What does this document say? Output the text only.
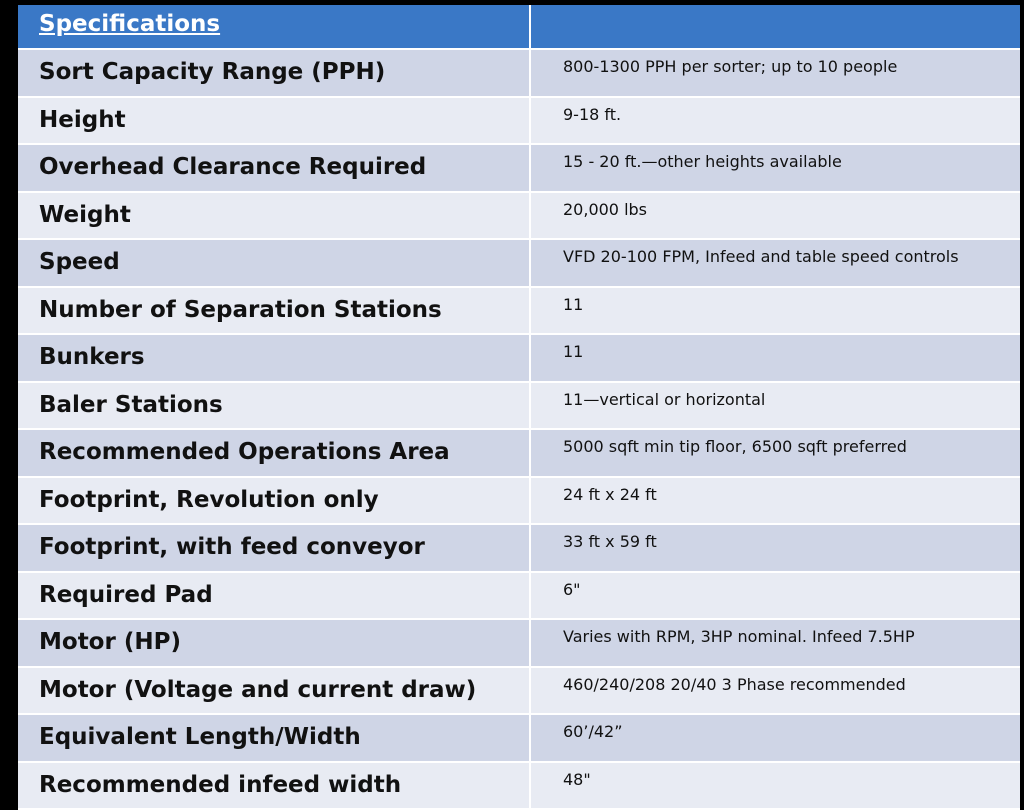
Specifications	
Sort Capacity Range (PPH)	800-1300 PPH per sorter; up to 10 people
Height	9-18 ft.
Overhead Clearance Required	15 - 20 ft.—other heights available
Weight	20,000 lbs
Speed	VFD 20-100 FPM, Infeed and table speed controls
Number of Separation Stations	11
Bunkers	11
Baler Stations	11—vertical or horizontal
Recommended Operations Area	5000 sqft min tip floor, 6500 sqft preferred
Footprint, Revolution only	24 ft x 24 ft
Footprint, with feed conveyor	33 ft x 59 ft
Required Pad	6"
Motor (HP)	Varies with RPM, 3HP nominal. Infeed 7.5HP
Motor (Voltage and current draw)	460/240/208 20/40 3 Phase recommended
Equivalent Length/Width	60’/42”
Recommended infeed width	48"
